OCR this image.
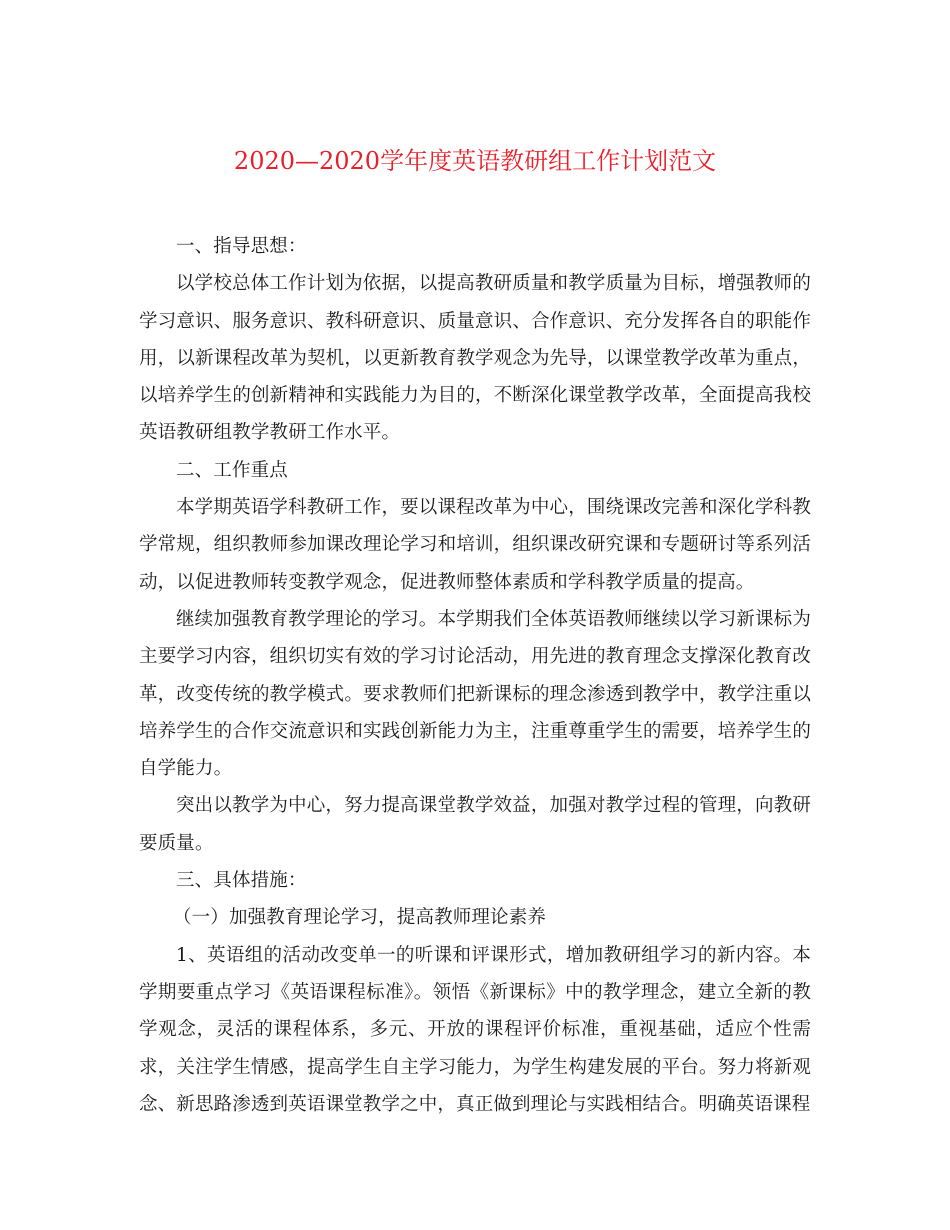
2020—2020学年度英语教研组工作计划范文

一、指导思想：

以学校总体工作计划为依据，以提高教研质量和教学质量为目标，增强教师的学习意识、服务意识、教科研意识、质量意识、合作意识、充分发挥各自的职能作用，以新课程改革为契机，以更新教育教学观念为先导，以课堂教学改革为重点，以培养学生的创新精神和实践能力为目的，不断深化课堂教学改革，全面提高我校英语教研组教学教研工作水平。

二、工作重点

本学期英语学科教研工作，要以课程改革为中心，围绕课改完善和深化学科教学常规，组织教师参加课改理论学习和培训，组织课改研究课和专题研讨等系列活动，以促进教师转变教学观念，促进教师整体素质和学科教学质量的提高。

继续加强教育教学理论的学习。本学期我们全体英语教师继续以学习新课标为主要学习内容，组织切实有效的学习讨论活动，用先进的教育理念支撑深化教育改革，改变传统的教学模式。要求教师们把新课标的理念渗透到教学中，教学注重以培养学生的合作交流意识和实践创新能力为主，注重尊重学生的需要，培养学生的自学能力。

突出以教学为中心，努力提高课堂教学效益，加强对教学过程的管理，向教研要质量。

三、具体措施：

（一）加强教育理论学习，提高教师理论素养

1、英语组的活动改变单一的听课和评课形式，增加教研组学习的新内容。本学期要重点学习《英语课程标准》。领悟《新课标》中的教学理念，建立全新的教学观念，灵活的课程体系，多元、开放的课程评价标准，重视基础，适应个性需求，关注学生情感，提高学生自主学习能力，为学生构建发展的平台。努力将新观念、新思路渗透到英语课堂教学之中，真正做到理论与实践相结合。明确英语课程
